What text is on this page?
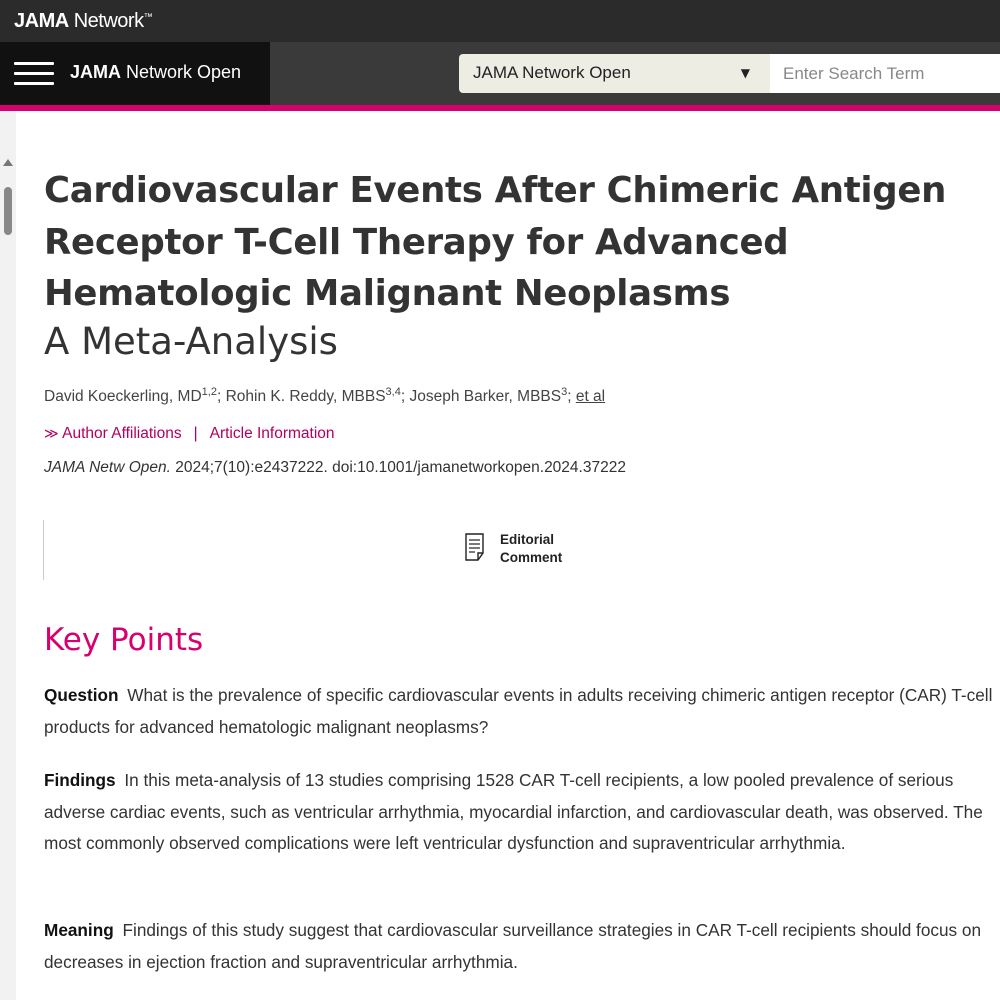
JAMA Network™
JAMA Network Open	JAMA Network Open	▼
Enter Search Term
Cardiovascular Events After Chimeric Antigen Receptor T-Cell Therapy for Advanced Hematologic Malignant Neoplasms
A Meta-Analysis
David Koeckerling, MD$^{1,2}$; Rohin K. Reddy, MBBS$^{3,4}$; Joseph Barker, MBBS$^3$; et al
≫ Author Affiliations | Article Information
JAMA Netw Open. 2024;7(10):e2437222. doi:10.1001/jamanetworkopen.2024.37222
Editorial
Comment
Key Points

Question What is the prevalence of specific cardiovascular events in adults receiving chimeric antigen receptor (CAR) T-cell products for advanced hematologic malignant neoplasms?

Findings In this meta-analysis of 13 studies comprising 1528 CAR T-cell recipients, a low pooled prevalence of serious adverse cardiac events, such as ventricular arrhythmia, myocardial infarction, and cardiovascular death, was observed. The most commonly observed complications were left ventricular dysfunction and supraventricular arrhythmia.

Meaning Findings of this study suggest that cardiovascular surveillance strategies in CAR T-cell recipients should focus on decreases in ejection fraction and supraventricular arrhythmia.
